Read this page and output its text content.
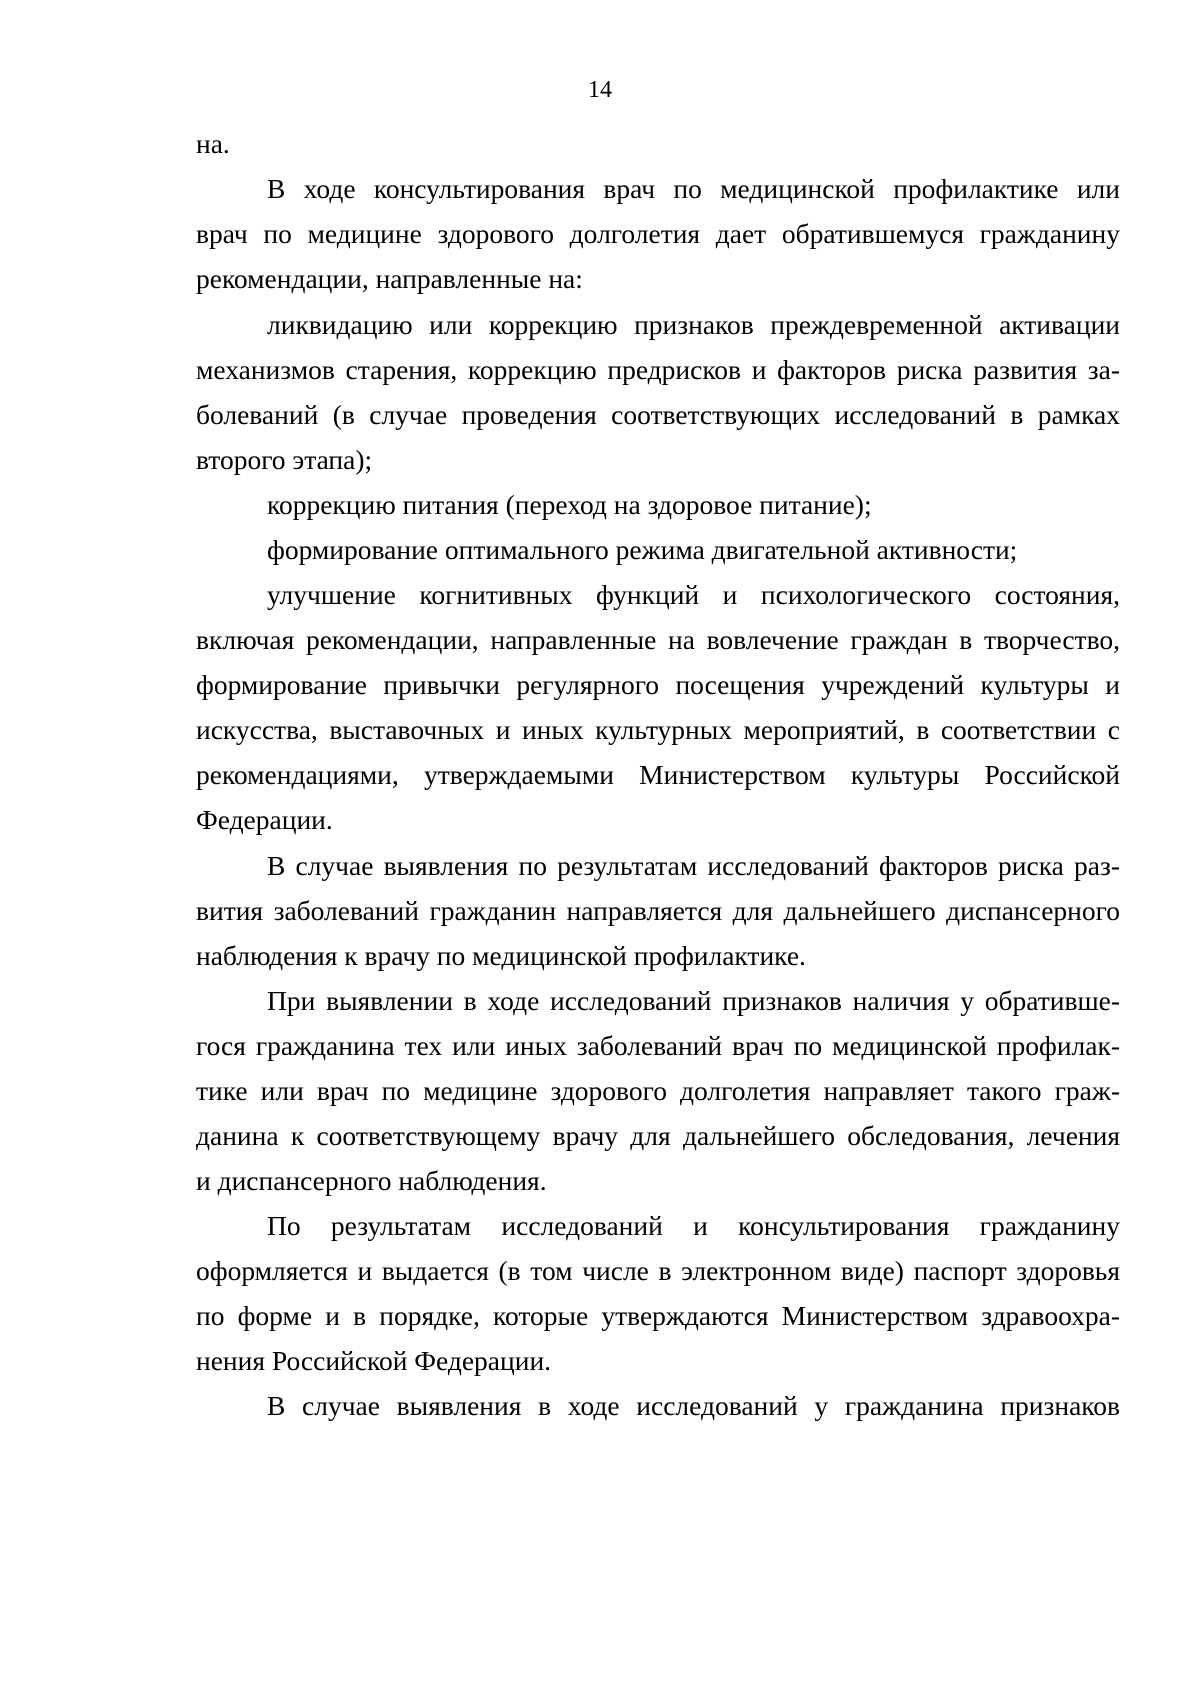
14
на.
В ходе консультирования врач по медицинской профилактике или
врач по медицине здорового долголетия дает обратившемуся гражданину
рекомендации, направленные на:
ликвидацию или коррекцию признаков преждевременной активации
механизмов старения, коррекцию предрисков и факторов риска развития за-
болеваний (в случае проведения соответствующих исследований в рамках
второго этапа);
коррекцию питания (переход на здоровое питание);
формирование оптимального режима двигательной активности;
улучшение когнитивных функций и психологического состояния,
включая рекомендации, направленные на вовлечение граждан в творчество,
формирование привычки регулярного посещения учреждений культуры и
искусства, выставочных и иных культурных мероприятий, в соответствии с
рекомендациями, утверждаемыми Министерством культуры Российской
Федерации.
В случае выявления по результатам исследований факторов риска раз-
вития заболеваний гражданин направляется для дальнейшего диспансерного
наблюдения к врачу по медицинской профилактике.
При выявлении в ходе исследований признаков наличия у обративше-
гося гражданина тех или иных заболеваний врач по медицинской профилак-
тике или врач по медицине здорового долголетия направляет такого граж-
данина к соответствующему врачу для дальнейшего обследования, лечения
и диспансерного наблюдения.
По результатам исследований и консультирования гражданину
оформляется и выдается (в том числе в электронном виде) паспорт здоровья
по форме и в порядке, которые утверждаются Министерством здравоохра-
нения Российской Федерации.
В случае выявления в ходе исследований у гражданина признаков
